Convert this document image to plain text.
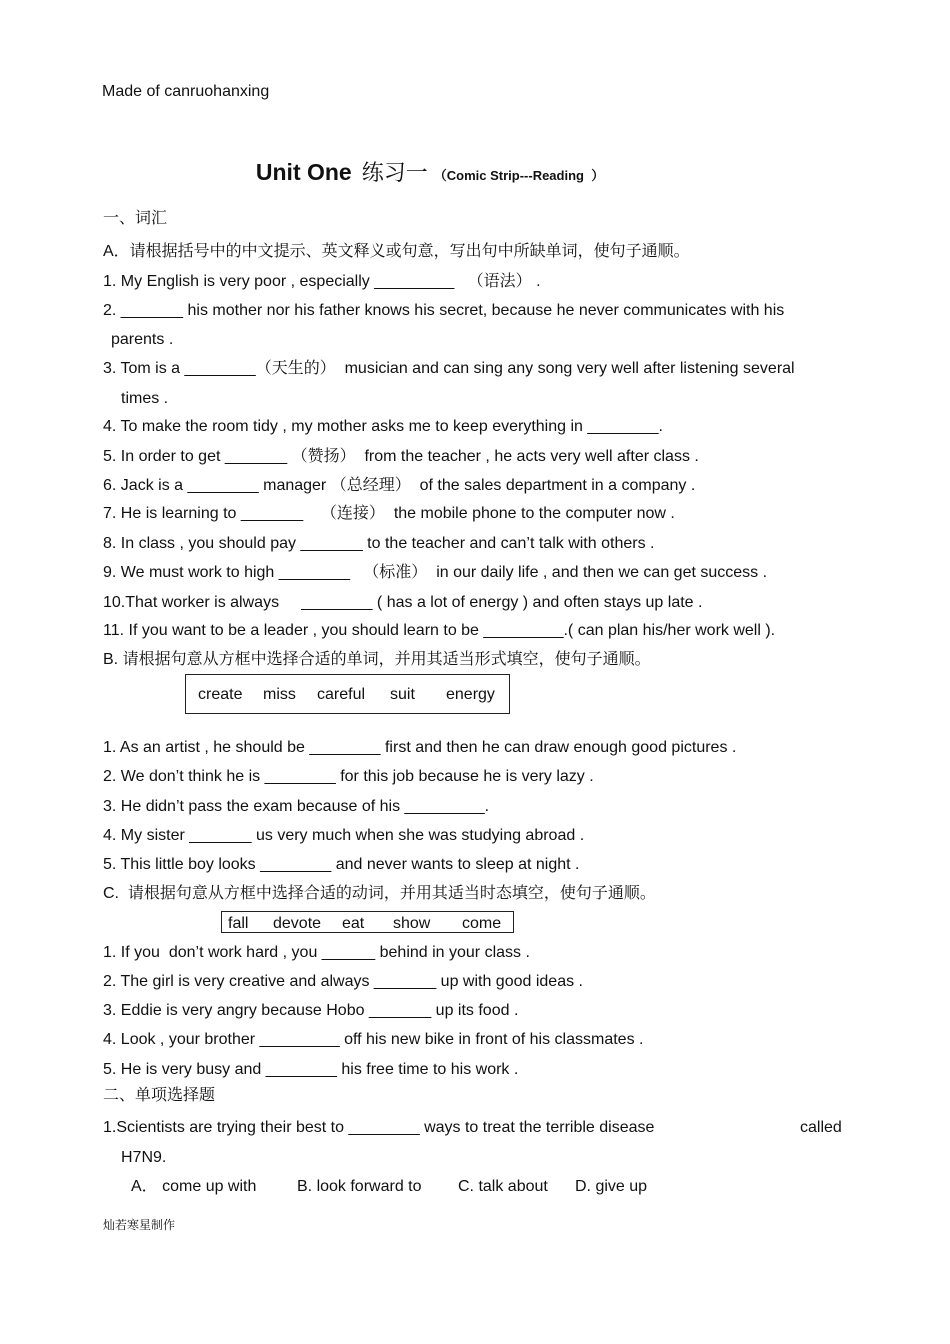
Made of canruohanxing

Unit One 练习一 （Comic Strip---Reading  ）

一、词汇
A．请根据括号中的中文提示、英文释义或句意，写出句中所缺单词，使句子通顺。
1. My English is very poor , especially _________   （语法） .
2. _______ his mother nor his father knows his secret, because he never communicates with his
parents .
3. Tom is a ________（天生的）  musician and can sing any song very well after listening several
times .
4. To make the room tidy , my mother asks me to keep everything in ________.
5. In order to get _______ （赞扬）  from the teacher , he acts very well after class .
6. Jack is a ________ manager （总经理）  of the sales department in a company .
7. He is learning to _______    （连接）  the mobile phone to the computer now .
8. In class , you should pay _______ to the teacher and can’t talk with others .
9. We must work to high ________   （标准）  in our daily life , and then we can get success .
10.That worker is always     ________ ( has a lot of energy ) and often stays up late .
11. If you want to be a leader , you should learn to be _________.( can plan his/her work well ).
B. 请根据句意从方框中选择合适的单词，并用其适当形式填空，使句子通顺。
create miss careful suit energy
1. As an artist , he should be ________ first and then he can draw enough good pictures .
2. We don’t think he is ________ for this job because he is very lazy .
3. He didn’t pass the exam because of his _________.
4. My sister _______ us very much when she was studying abroad .
5. This little boy looks ________ and never wants to sleep at night .
C.  请根据句意从方框中选择合适的动词，并用其适当时态填空，使句子通顺。
fall devote eat show come
1. If you  don’t work hard , you ______ behind in your class .
2. The girl is very creative and always _______ up with good ideas .
3. Eddie is very angry because Hobo _______ up its food .
4. Look , your brother _________ off his new bike in front of his classmates .
5. He is very busy and ________ his free time to his work .
二、单项选择题
1.Scientists are trying their best to ________ ways to treat the terrible disease	called
H7N9.
A． come up with	B. look forward to C. talk about D. give up
灿若寒星制作
